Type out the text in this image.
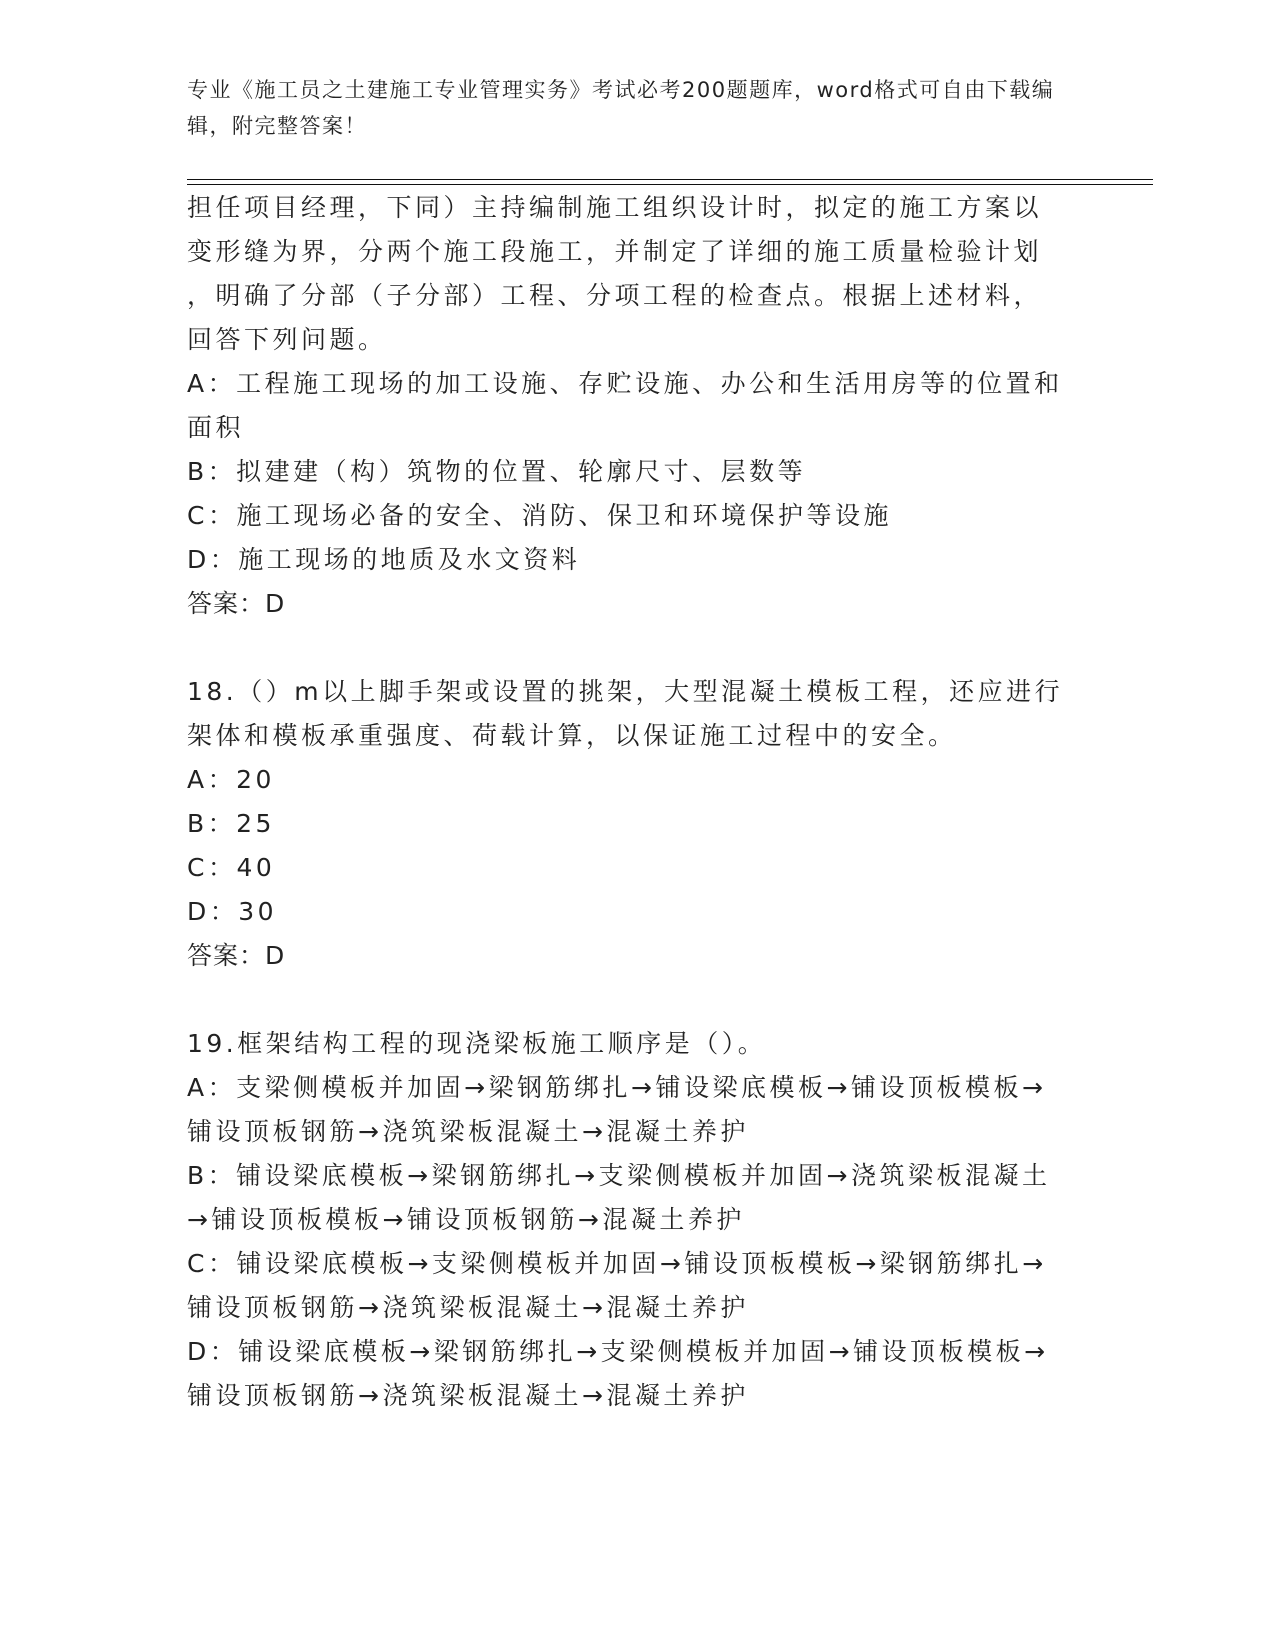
专业《施工员之土建施工专业管理实务》考试必考200题题库，word格式可自由下载编辑，附完整答案！
担任项目经理，下同）主持编制施工组织设计时，拟定的施工方案以
变形缝为界，分两个施工段施工，并制定了详细的施工质量检验计划
，明确了分部（子分部）工程、分项工程的检查点。根据上述材料，
回答下列问题。
A：工程施工现场的加工设施、存贮设施、办公和生活用房等的位置和
面积
B：拟建建（构）筑物的位置、轮廓尺寸、层数等
C：施工现场必备的安全、消防、保卫和环境保护等设施
D：施工现场的地质及水文资料
答案：D
18.（）m以上脚手架或设置的挑架，大型混凝土模板工程，还应进行
架体和模板承重强度、荷载计算，以保证施工过程中的安全。
A：20
B：25
C：40
D：30
答案：D
19.框架结构工程的现浇梁板施工顺序是（）。
A：支梁侧模板并加固→梁钢筋绑扎→铺设梁底模板→铺设顶板模板→
铺设顶板钢筋→浇筑梁板混凝土→混凝土养护
B：铺设梁底模板→梁钢筋绑扎→支梁侧模板并加固→浇筑梁板混凝土
→铺设顶板模板→铺设顶板钢筋→混凝土养护
C：铺设梁底模板→支梁侧模板并加固→铺设顶板模板→梁钢筋绑扎→
铺设顶板钢筋→浇筑梁板混凝土→混凝土养护
D：铺设梁底模板→梁钢筋绑扎→支梁侧模板并加固→铺设顶板模板→
铺设顶板钢筋→浇筑梁板混凝土→混凝土养护
